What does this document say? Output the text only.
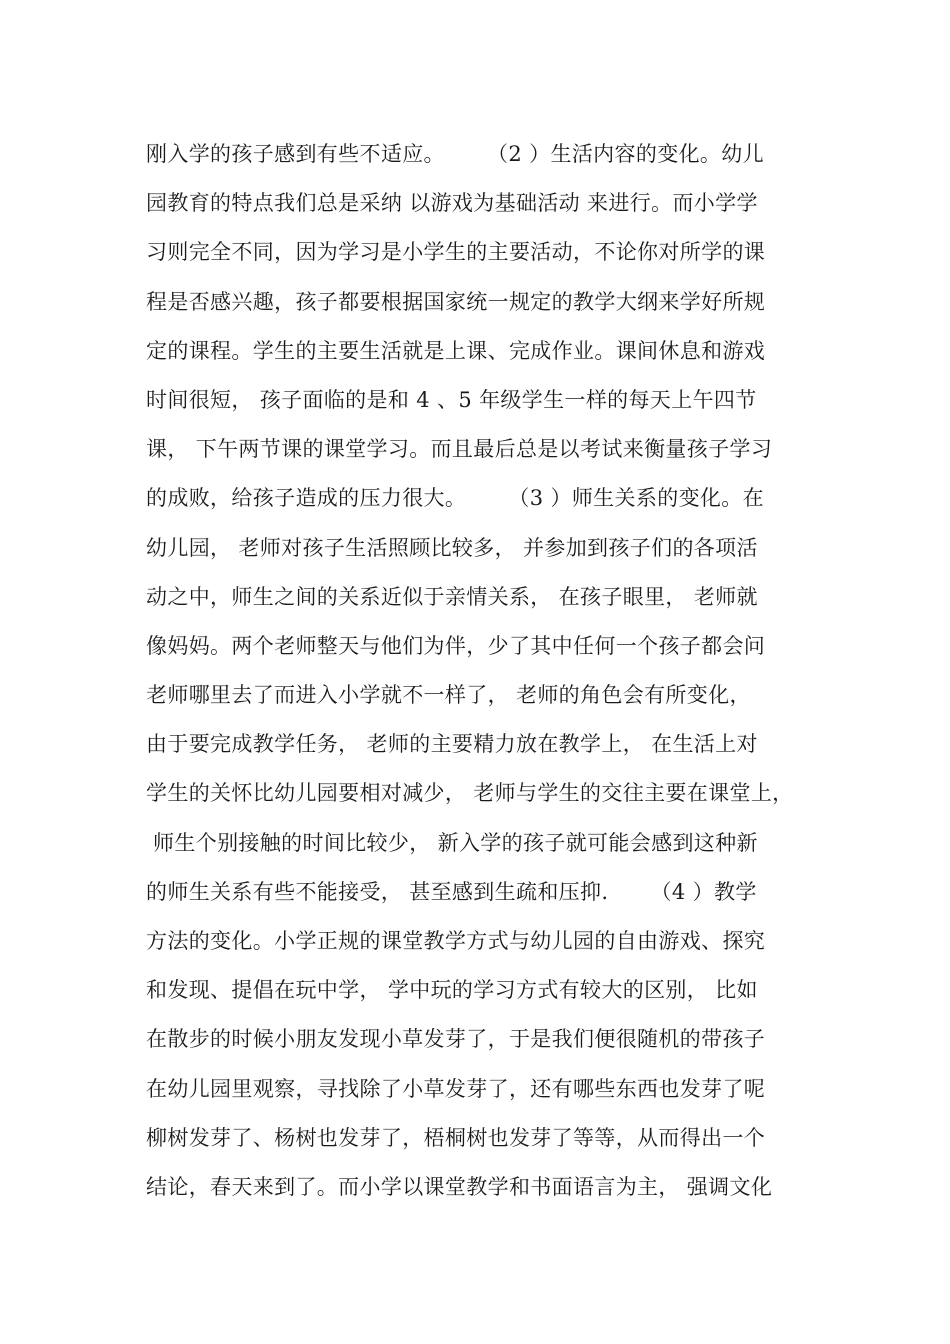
刚入学的孩子感到有些不适应。      （2 ）生活内容的变化。幼儿
园教育的特点我们总是采纳 以游戏为基础活动 来进行。而小学学
习则完全不同，因为学习是小学生的主要活动，不论你对所学的课
程是否感兴趣，孩子都要根据国家统一规定的教学大纲来学好所规
定的课程。学生的主要生活就是上课、完成作业。课间休息和游戏
时间很短， 孩子面临的是和 4 、5 年级学生一样的每天上午四节
课， 下午两节课的课堂学习。而且最后总是以考试来衡量孩子学习
的成败，给孩子造成的压力很大。      （3 ）师生关系的变化。在
幼儿园， 老师对孩子生活照顾比较多， 并参加到孩子们的各项活
动之中，师生之间的关系近似于亲情关系， 在孩子眼里， 老师就
像妈妈。两个老师整天与他们为伴，少了其中任何一个孩子都会问
老师哪里去了而进入小学就不一样了， 老师的角色会有所变化，
由于要完成教学任务， 老师的主要精力放在教学上， 在生活上对
学生的关怀比幼儿园要相对减少， 老师与学生的交往主要在课堂上，
师生个别接触的时间比较少， 新入学的孩子就可能会感到这种新
的师生关系有些不能接受， 甚至感到生疏和压抑.      （4 ）教学
方法的变化。小学正规的课堂教学方式与幼儿园的自由游戏、探究
和发现、提倡在玩中学， 学中玩的学习方式有较大的区别， 比如
在散步的时候小朋友发现小草发芽了，于是我们便很随机的带孩子
在幼儿园里观察，寻找除了小草发芽了，还有哪些东西也发芽了呢
柳树发芽了、杨树也发芽了，梧桐树也发芽了等等，从而得出一个
结论，春天来到了。而小学以课堂教学和书面语言为主， 强调文化
